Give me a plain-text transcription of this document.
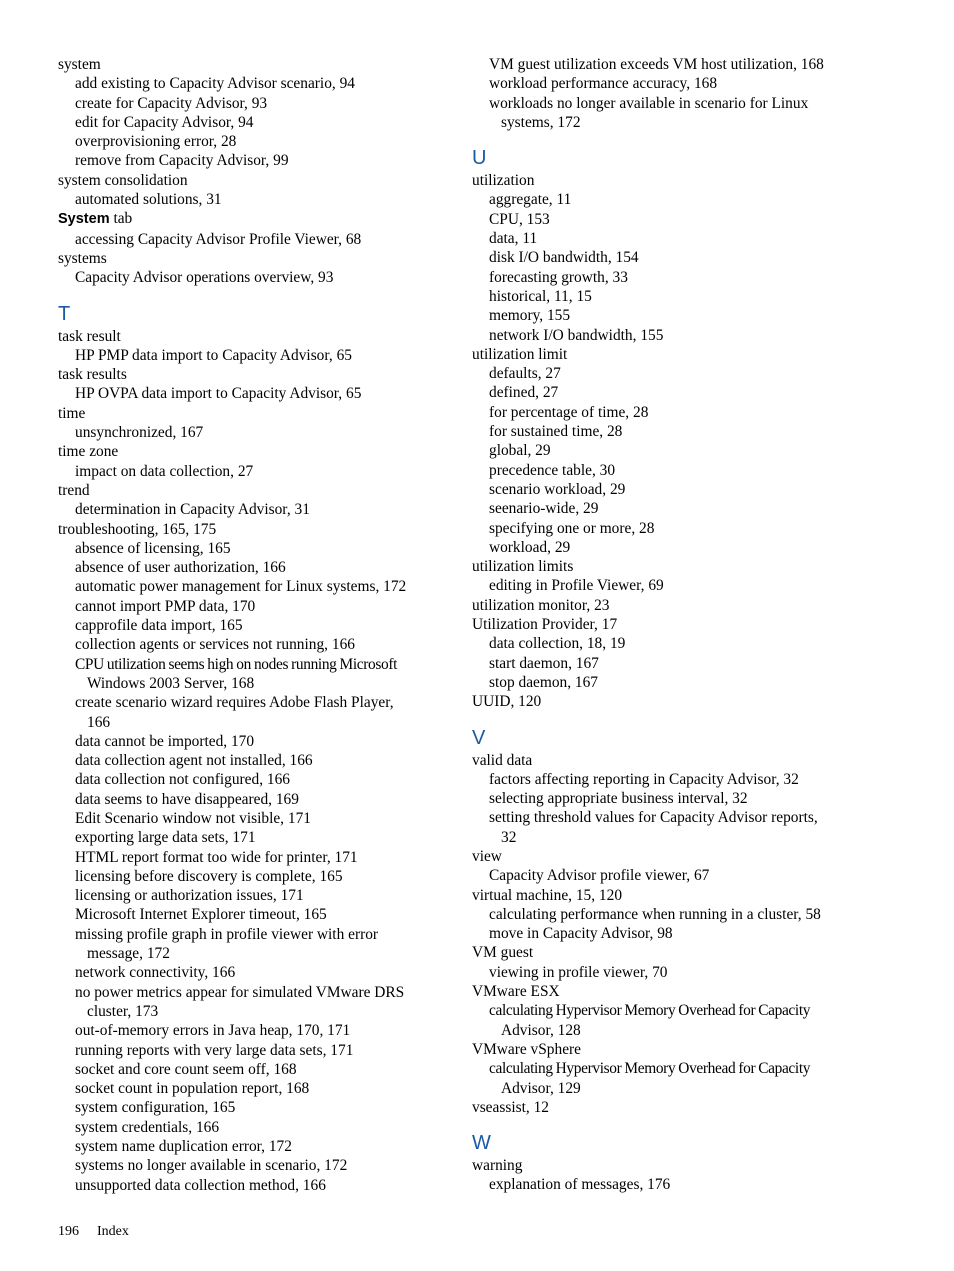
system
add existing to Capacity Advisor scenario, 94
create for Capacity Advisor, 93
edit for Capacity Advisor, 94
overprovisioning error, 28
remove from Capacity Advisor, 99
system consolidation
automated solutions, 31
System tab
accessing Capacity Advisor Profile Viewer, 68
systems
Capacity Advisor operations overview, 93
T
task result
HP PMP data import to Capacity Advisor, 65
task results
HP OVPA data import to Capacity Advisor, 65
time
unsynchronized, 167
time zone
impact on data collection, 27
trend
determination in Capacity Advisor, 31
troubleshooting, 165, 175
absence of licensing, 165
absence of user authorization, 166
automatic power management for Linux systems, 172
cannot import PMP data, 170
capprofile data import, 165
collection agents or services not running, 166
CPU utilization seems high on nodes running Microsoft
Windows 2003 Server, 168
create scenario wizard requires Adobe Flash Player,
166
data cannot be imported, 170
data collection agent not installed, 166
data collection not configured, 166
data seems to have disappeared, 169
Edit Scenario window not visible, 171
exporting large data sets, 171
HTML report format too wide for printer, 171
licensing before discovery is complete, 165
licensing or authorization issues, 171
Microsoft Internet Explorer timeout, 165
missing profile graph in profile viewer with error
message, 172
network connectivity, 166
no power metrics appear for simulated VMware DRS
cluster, 173
out-of-memory errors in Java heap, 170, 171
running reports with very large data sets, 171
socket and core count seem off, 168
socket count in population report, 168
system configuration, 165
system credentials, 166
system name duplication error, 172
systems no longer available in scenario, 172
unsupported data collection method, 166
VM guest utilization exceeds VM host utilization, 168
workload performance accuracy, 168
workloads no longer available in scenario for Linux
systems, 172
U
utilization
aggregate, 11
CPU, 153
data, 11
disk I/O bandwidth, 154
forecasting growth, 33
historical, 11, 15
memory, 155
network I/O bandwidth, 155
utilization limit
defaults, 27
defined, 27
for percentage of time, 28
for sustained time, 28
global, 29
precedence table, 30
scenario workload, 29
seenario-wide, 29
specifying one or more, 28
workload, 29
utilization limits
editing in Profile Viewer, 69
utilization monitor, 23
Utilization Provider, 17
data collection, 18, 19
start daemon, 167
stop daemon, 167
UUID, 120
V
valid data
factors affecting reporting in Capacity Advisor, 32
selecting appropriate business interval, 32
setting threshold values for Capacity Advisor reports,
32
view
Capacity Advisor profile viewer, 67
virtual machine, 15, 120
calculating performance when running in a cluster, 58
move in Capacity Advisor, 98
VM guest
viewing in profile viewer, 70
VMware ESX
calculating Hypervisor Memory Overhead for Capacity
Advisor, 128
VMware vSphere
calculating Hypervisor Memory Overhead for Capacity
Advisor, 129
vseassist, 12
W
warning
explanation of messages, 176
196 Index
